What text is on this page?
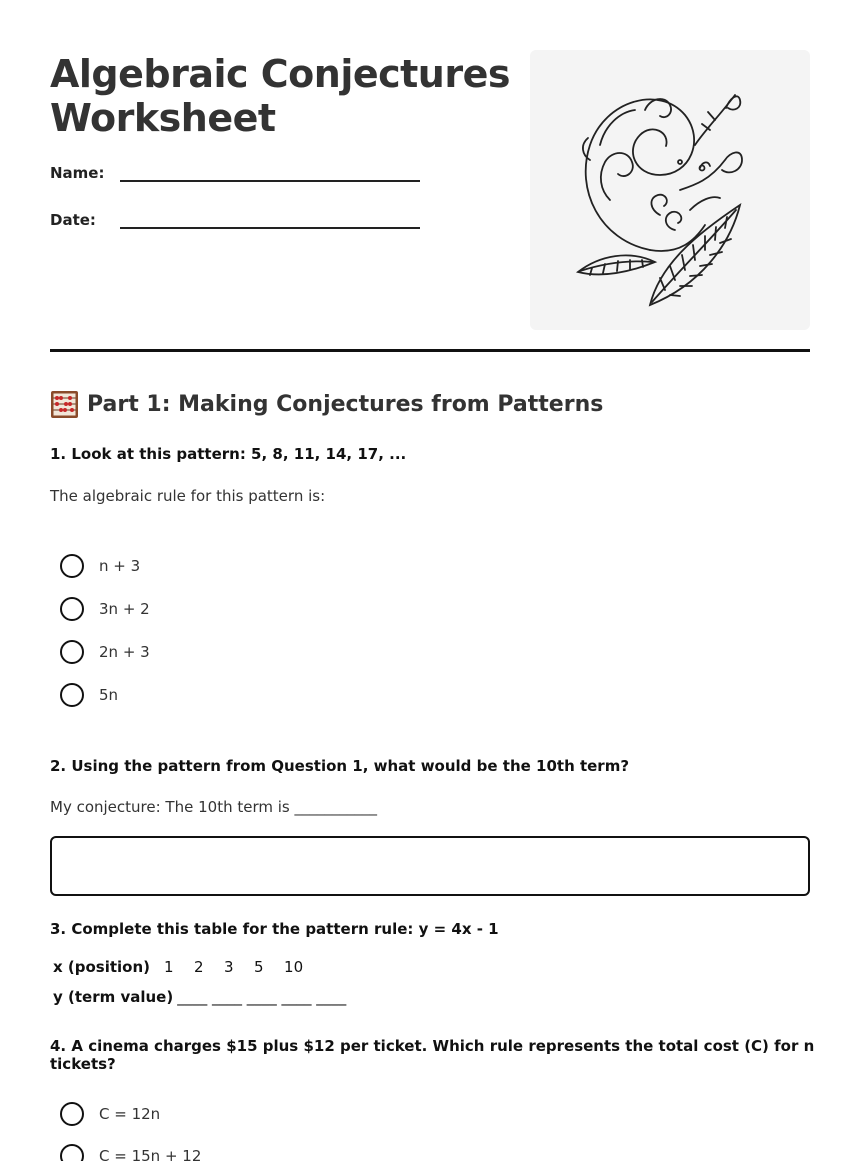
Algebraic Conjectures Worksheet
Name:
Date:
Part 1: Making Conjectures from Patterns
1. Look at this pattern: 5, 8, 11, 14, 17, ...
The algebraic rule for this pattern is:
n + 3
3n + 2
2n + 3
5n
2. Using the pattern from Question 1, what would be the 10th term?
My conjecture: The 10th term is ___________
3. Complete this table for the pattern rule: y = 4x - 1
x (position) 1	2	3	5	10
y (term value) ____ ____ ____ ____ ____
4. A cinema charges $15 plus $12 per ticket. Which rule represents the total cost (C) for n tickets?
C = 12n
C = 15n + 12
